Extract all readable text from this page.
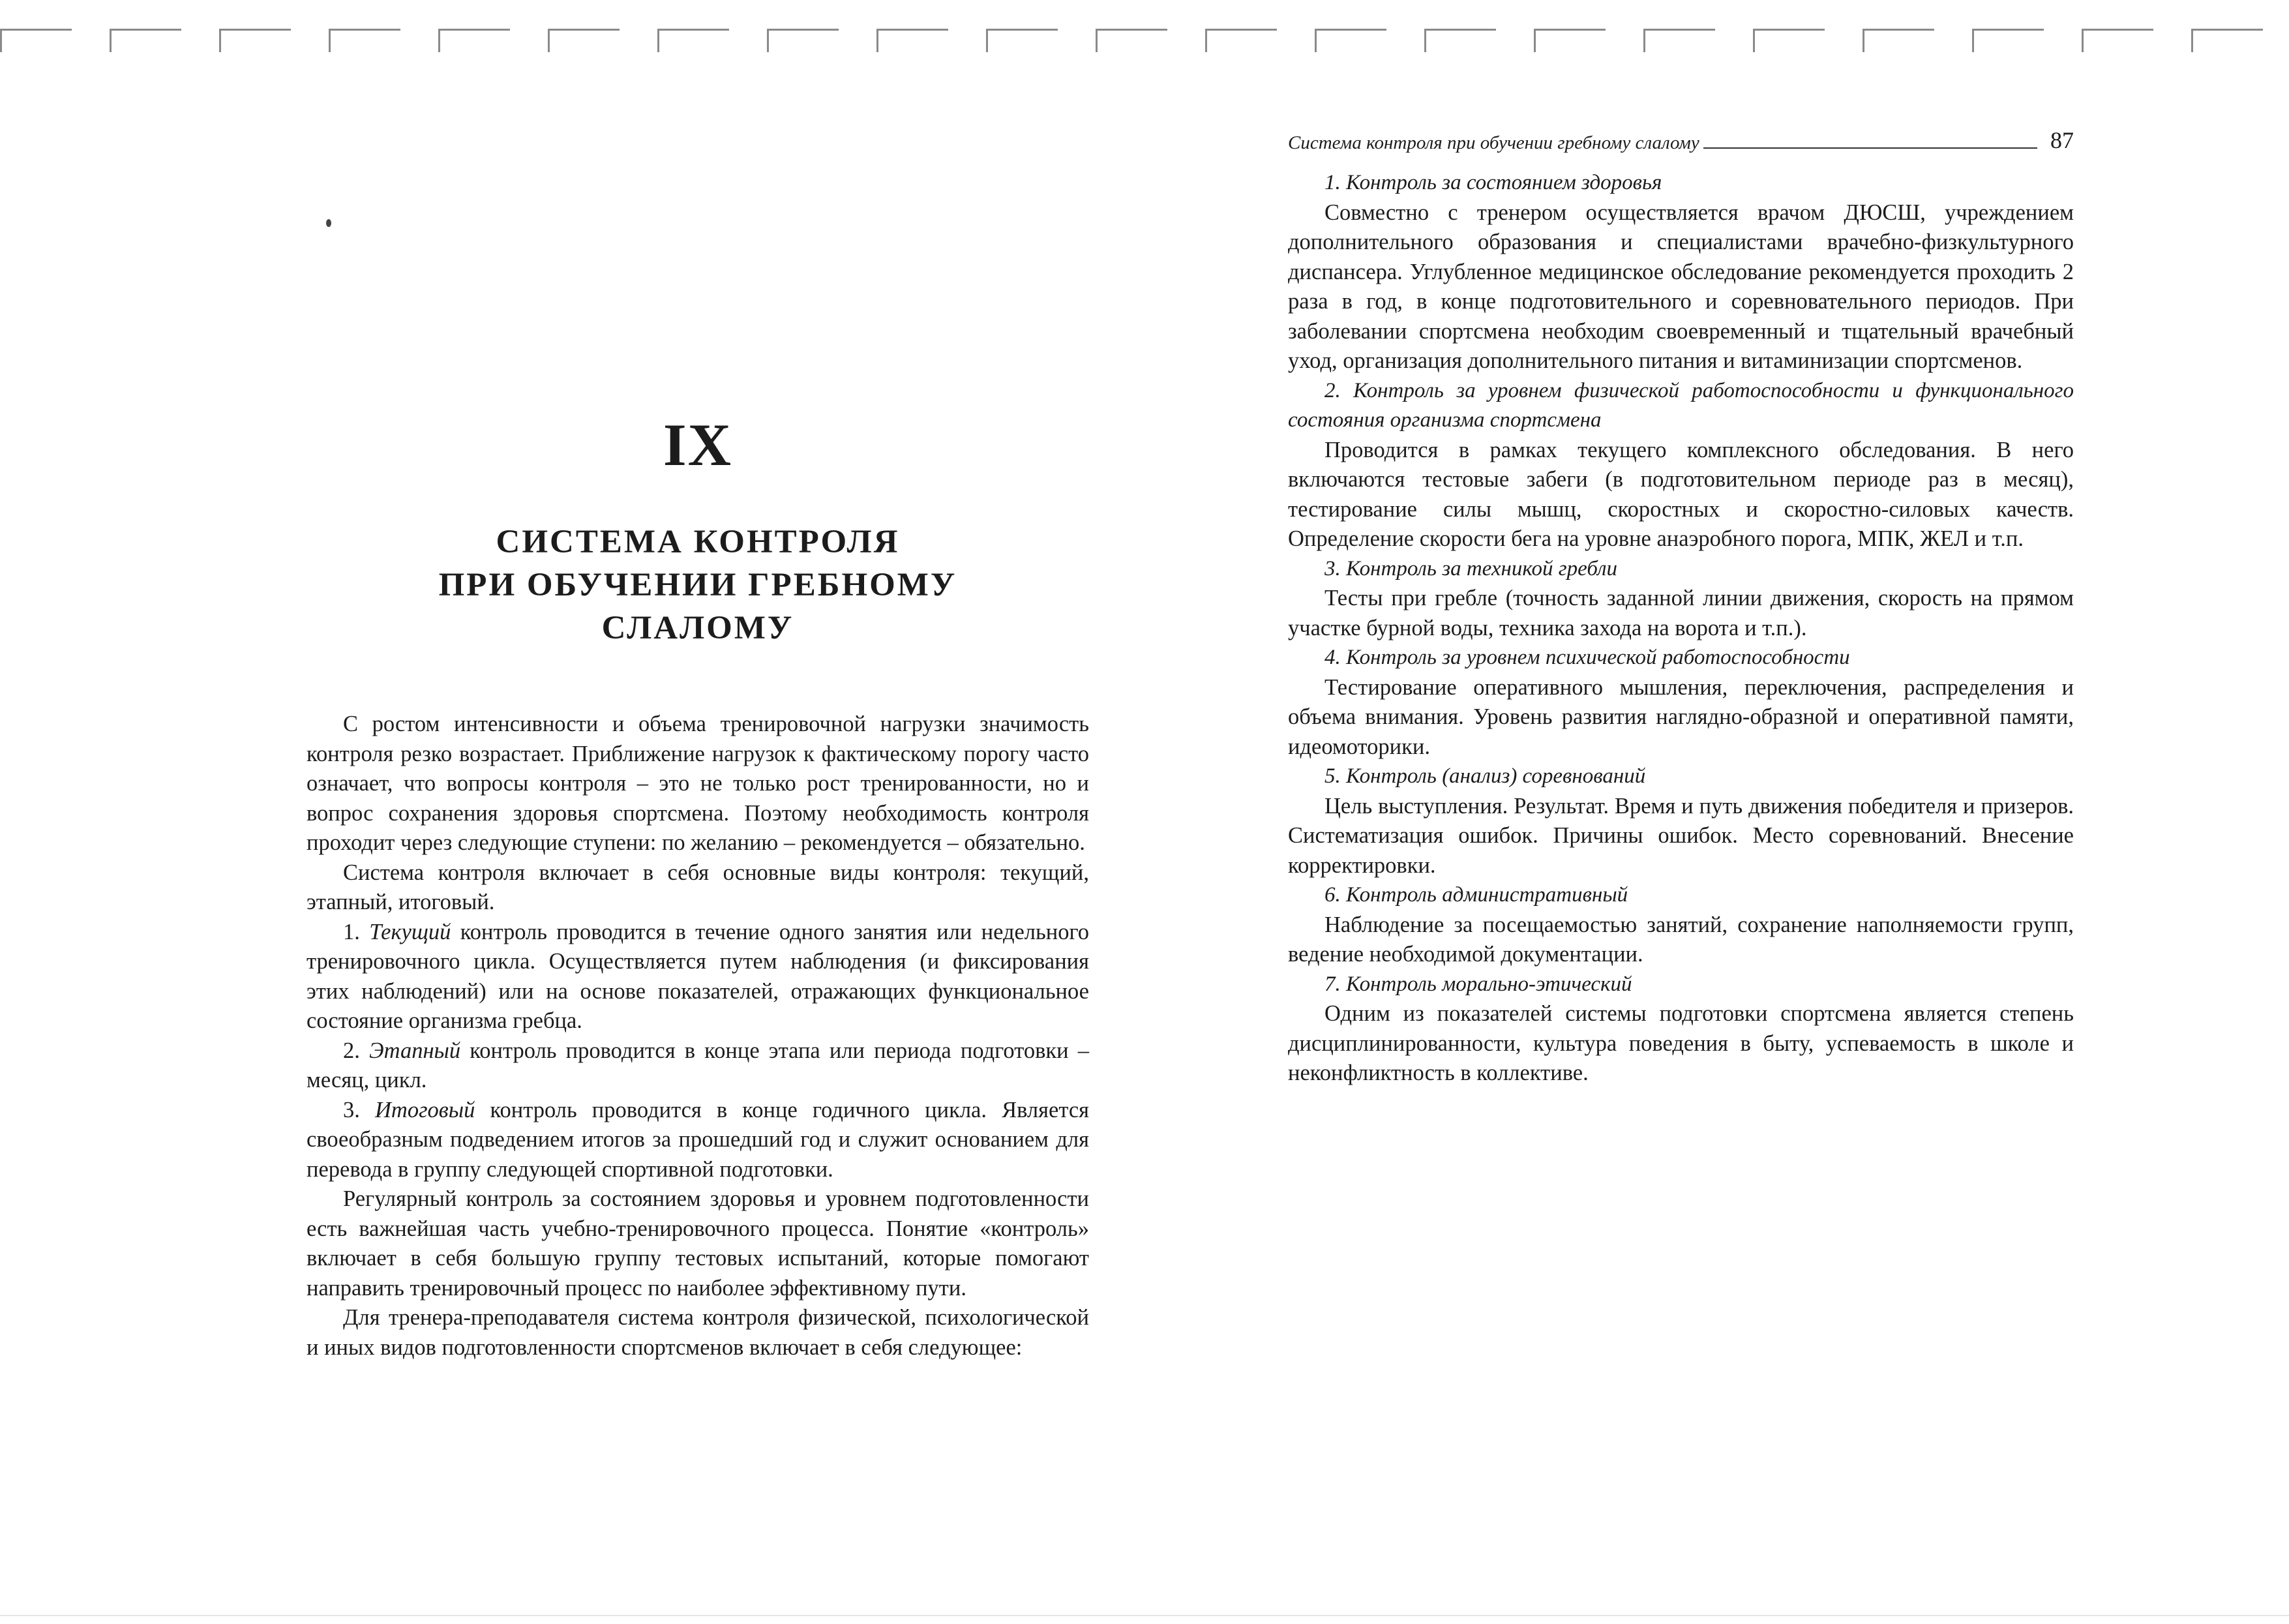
IX
СИСТЕМА КОНТРОЛЯ
ПРИ ОБУЧЕНИИ ГРЕБНОМУ
СЛАЛОМУ

С ростом интенсивности и объема тренировочной нагрузки значимость контроля резко возрастает. Приближение нагрузок к фактическому порогу часто означает, что вопросы контроля – это не только рост тренированности, но и вопрос сохранения здоровья спортсмена. Поэтому необходимость контроля проходит через следующие ступени: по желанию – рекомендуется – обязательно.

Система контроля включает в себя основные виды контроля: текущий, этапный, итоговый.

1. Текущий контроль проводится в течение одного занятия или недельного тренировочного цикла. Осуществляется путем наблюдения (и фиксирования этих наблюдений) или на основе показателей, отражающих функциональное состояние организма гребца.

2. Этапный контроль проводится в конце этапа или периода подготовки – месяц, цикл.

3. Итоговый контроль проводится в конце годичного цикла. Является своеобразным подведением итогов за прошедший год и служит основанием для перевода в группу следующей спортивной подготовки.

Регулярный контроль за состоянием здоровья и уровнем подготовленности есть важнейшая часть учебно-тренировочного процесса. Понятие «контроль» включает в себя большую группу тестовых испытаний, которые помогают направить тренировочный процесс по наиболее эффективному пути.

Для тренера-преподавателя система контроля физической, психологической и иных видов подготовленности спортсменов включает в себя следующее:

Система контроля при обучении гребному слалому	87

1. Контроль за состоянием здоровья

Совместно с тренером осуществляется врачом ДЮСШ, учреждением дополнительного образования и специалистами врачебно-физкультурного диспансера. Углубленное медицинское обследование рекомендуется проходить 2 раза в год, в конце подготовительного и соревновательного периодов. При заболевании спортсмена необходим своевременный и тщательный врачебный уход, организация дополнительного питания и витаминизации спортсменов.

2. Контроль за уровнем физической работоспособности и функционального состояния организма спортсмена

Проводится в рамках текущего комплексного обследования. В него включаются тестовые забеги (в подготовительном периоде раз в месяц), тестирование силы мышц, скоростных и скоростно-силовых качеств. Определение скорости бега на уровне анаэробного порога, МПК, ЖЕЛ и т.п.

3. Контроль за техникой гребли

Тесты при гребле (точность заданной линии движения, скорость на прямом участке бурной воды, техника захода на ворота и т.п.).

4. Контроль за уровнем психической работоспособности

Тестирование оперативного мышления, переключения, распределения и объема внимания. Уровень развития наглядно-образной и оперативной памяти, идеомоторики.

5. Контроль (анализ) соревнований

Цель выступления. Результат. Время и путь движения победителя и призеров. Систематизация ошибок. Причины ошибок. Место соревнований. Внесение корректировки.

6. Контроль административный

Наблюдение за посещаемостью занятий, сохранение наполняемости групп, ведение необходимой документации.

7. Контроль морально-этический

Одним из показателей системы подготовки спортсмена является степень дисциплинированности, культура поведения в быту, успеваемость в школе и неконфликтность в коллективе.
